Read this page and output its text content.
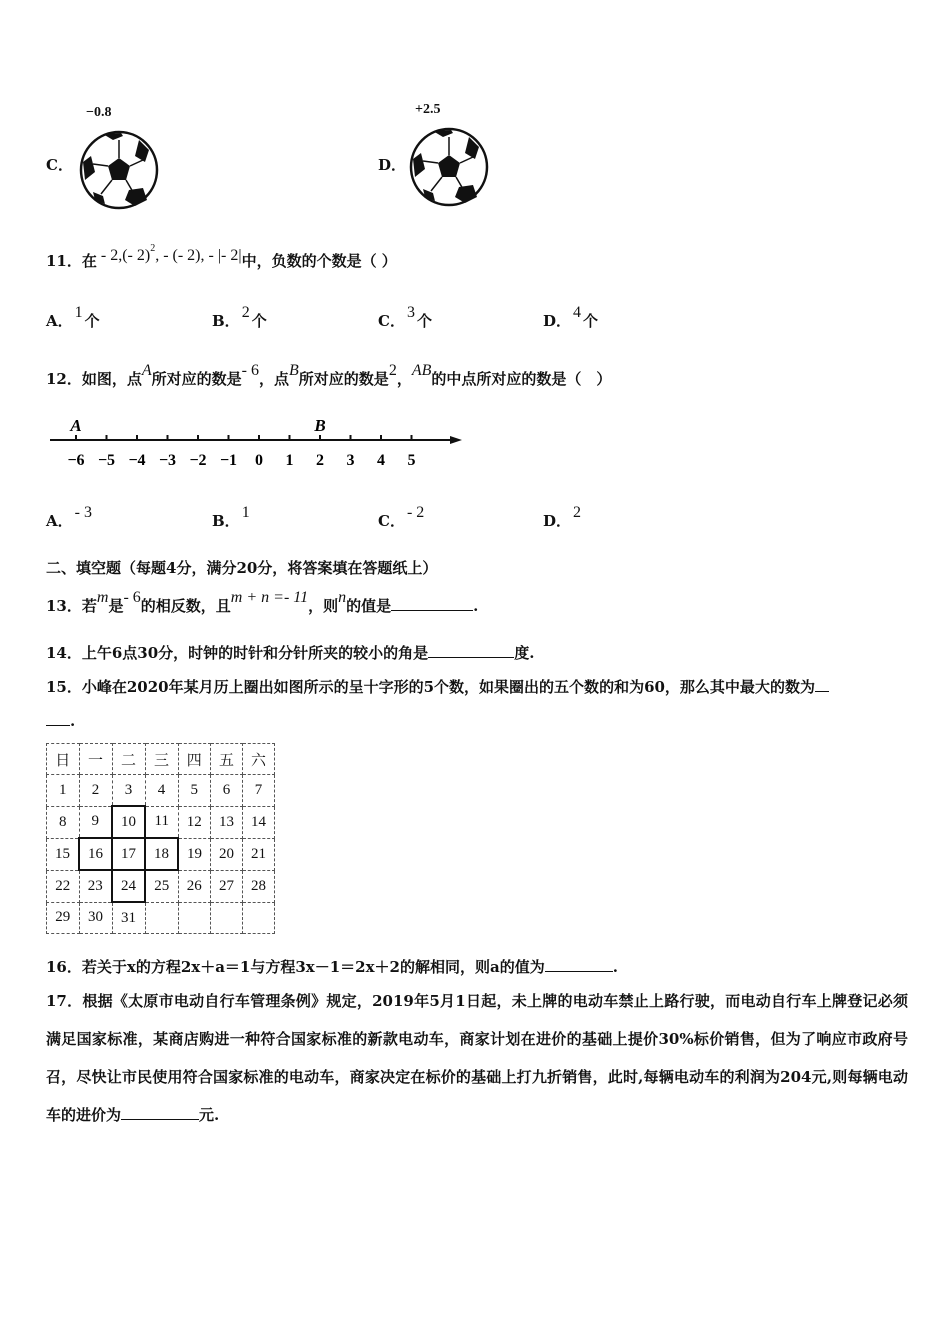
C．
−0.8
D．
+2.5
11．在 - 2,(- 2)$^2$, - (- 2), - |- 2|中，负数的个数是（ ）
A． 1 个	B． 2 个	C． 3 个	D． 4 个
12．如图，点A所对应的数是- 6，点B所对应的数是2，AB的中点所对应的数是（　）
−6 −5 −4 −3 −2 −1 0 1 2 3 4 5
A	B
A． - 3	B． 1	C． - 2	D． 2
二、填空题（每题4分，满分20分，将答案填在答题纸上）
13．若m是- 6的相反数，且m + n =- 11，则n的值是	.
14．上午6点30分，时钟的时针和分针所夹的较小的角是	度.
15．小峰在2020年某月历上圈出如图所示的呈十字形的5个数，如果圈出的五个数的和为60，那么其中最大的数为
.
日	一	二	三	四	五	六
1	2	3	4	5	6	7
8	9	10	11	12	13	14
15	16	17	18	19	20	21
22	23	24	25	26	27	28
29	30	31				
16．若关于x的方程2x＋a＝1与方程3x－1＝2x＋2的解相同，则a的值为	.
17．根据《太原市电动自行车管理条例》规定，2019年5月1日起，未上牌的电动车禁止上路行驶，而电动自行车上牌登记必须满足国家标准，某商店购进一种符合国家标准的新款电动车，商家计划在进价的基础上提价30%标价销售，但为了响应市政府号召，尽快让市民使用符合国家标准的电动车，商家决定在标价的基础上打九折销售，此时,每辆电动车的利润为204元,则每辆电动车的进价为	元.
